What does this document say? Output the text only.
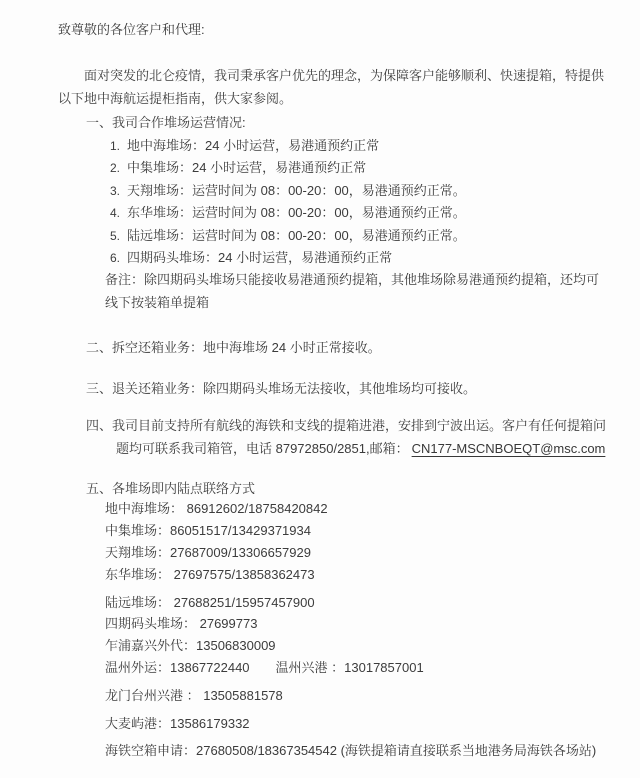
致尊敬的各位客户和代理:

面对突发的北仑疫情，我司秉承客户优先的理念，为保障客户能够顺利、快速提箱，特提供以下地中海航运提柜指南，供大家参阅。

一、我司合作堆场运营情况:

1. 地中海堆场：24 小时运营，易港通预约正常
2. 中集堆场：24 小时运营，易港通预约正常
3. 天翔堆场：运营时间为 08：00-20：00，易港通预约正常。
4. 东华堆场：运营时间为 08：00-20：00，易港通预约正常。
5. 陆远堆场：运营时间为 08：00-20：00，易港通预约正常。
6. 四期码头堆场：24 小时运营，易港通预约正常

备注：除四期码头堆场只能接收易港通预约提箱，其他堆场除易港通预约提箱，还均可线下按装箱单提箱

二、拆空还箱业务：地中海堆场 24 小时正常接收。

三、退关还箱业务：除四期码头堆场无法接收，其他堆场均可接收。

四、我司目前支持所有航线的海铁和支线的提箱进港，安排到宁波出运。客户有任何提箱问题均可联系我司箱管，电话 87972850/2851,邮箱： CN177-MSCNBOEQT@msc.com

五、各堆场即内陆点联络方式

地中海堆场： 86912602/18758420842
中集堆场：86051517/13429371934
天翔堆场：27687009/13306657929
东华堆场： 27697575/13858362473
陆远堆场： 27688251/15957457900
四期码头堆场： 27699773
乍浦嘉兴外代：13506830009
温州外运：13867722440 温州兴港 ：13017857001
龙门台州兴港 ： 13505881578
大麦屿港：13586179332
海铁空箱申请：27680508/18367354542 (海铁提箱请直接联系当地港务局海铁各场站)
